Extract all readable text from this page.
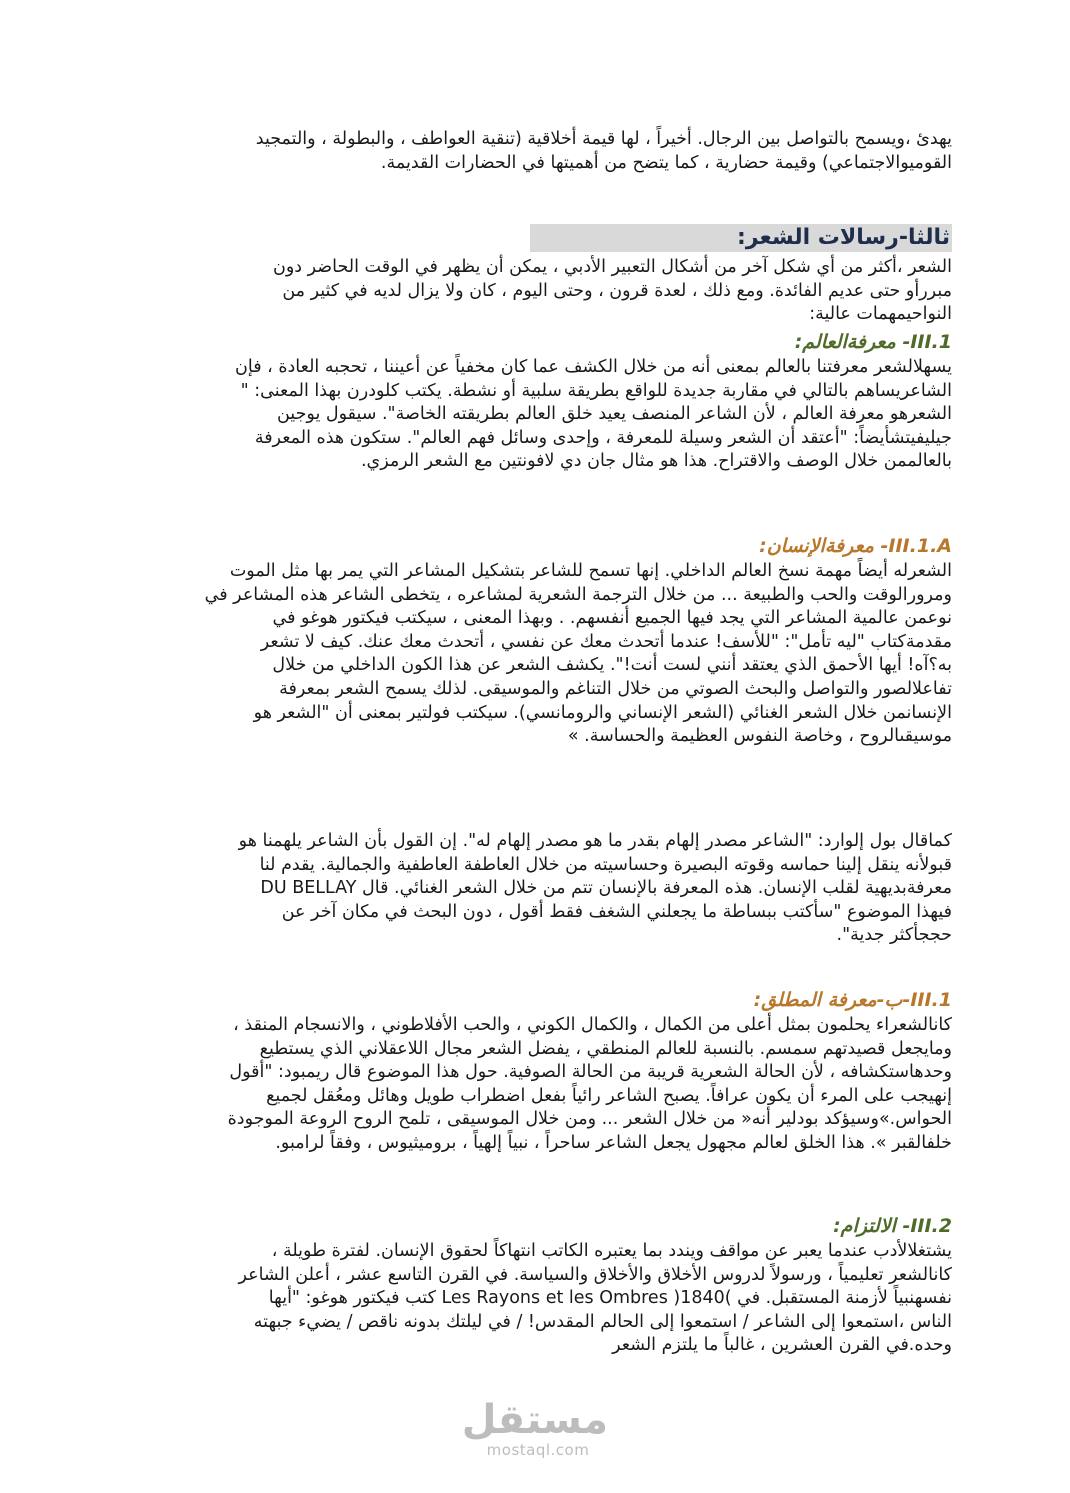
يهدئ ،ويسمح بالتواصل بين الرجال. أخيراً ، لها قيمة أخلاقية (تنقية العواطف ، والبطولة ، والتمجيد

القوميوالاجتماعي) وقيمة حضارية ، كما يتضح من أهميتها في الحضارات القديمة.

ثالثا-رسالات الشعر:

الشعر ،أكثر من أي شكل آخر من أشكال التعبير الأدبي ، يمكن أن يظهر في الوقت الحاضر دون

مبررأو حتى عديم الفائدة. ومع ذلك ، لعدة قرون ، وحتى اليوم ، كان ولا يزال لديه في كثير من

النواحيمهمات عالية:

III.1- معرفةالعالم:

يسهلالشعر معرفتنا بالعالم بمعنى أنه من خلال الكشف عما كان مخفياً عن أعيننا ، تحجبه العادة ، فإن

الشاعريساهم بالتالي في مقاربة جديدة للواقع بطريقة سلبية أو نشطة. يكتب كلودرن بهذا المعنى: "

الشعرهو معرفة العالم ، لأن الشاعر المنصف يعيد خلق العالم بطريقته الخاصة". سيقول يوجين

جيليفيتشأيضاً: "أعتقد أن الشعر وسيلة للمعرفة ، وإحدى وسائل فهم العالم". ستكون هذه المعرفة

بالعالممن خلال الوصف والاقتراح. هذا هو مثال جان دي لافونتين مع الشعر الرمزي.

III.1.A- معرفةالإنسان:

الشعرله أيضاً مهمة نسخ العالم الداخلي. إنها تسمح للشاعر بتشكيل المشاعر التي يمر بها مثل الموت

ومرورالوقت والحب والطبيعة ... من خلال الترجمة الشعرية لمشاعره ، يتخطى الشاعر هذه المشاعر في

نوعمن عالمية المشاعر التي يجد فيها الجميع أنفسهم. . وبهذا المعنى ، سيكتب فيكتور هوغو في

مقدمةكتاب "ليه تأمل": "للأسف! عندما أتحدث معك عن نفسي ، أتحدث معك عنك. كيف لا تشعر

به؟آه! أيها الأحمق الذي يعتقد أنني لست أنت!". يكشف الشعر عن هذا الكون الداخلي من خلال

تفاعلالصور والتواصل والبحث الصوتي من خلال التناغم والموسيقى. لذلك يسمح الشعر بمعرفة

الإنسانمن خلال الشعر الغنائي (الشعر الإنساني والرومانسي). سيكتب فولتير بمعنى أن "الشعر هو

موسيقىالروح ، وخاصة النفوس العظيمة والحساسة. »

كماقال بول إلوارد: "الشاعر مصدر إلهام بقدر ما هو مصدر إلهام له". إن القول بأن الشاعر يلهمنا هو

قبولأنه ينقل إلينا حماسه وقوته البصيرة وحساسيته من خلال العاطفة العاطفية والجمالية. يقدم لنا

معرفةبديهية لقلب الإنسان. هذه المعرفة بالإنسان تتم من خلال الشعر الغنائي. قال DU BELLAY

فيهذا الموضوع "سأكتب ببساطة ما يجعلني الشغف فقط أقول ، دون البحث في مكان آخر عن

حججأكثر جدية".

III.1-ب-معرفة المطلق:

كانالشعراء يحلمون بمثل أعلى من الكمال ، والكمال الكوني ، والحب الأفلاطوني ، والانسجام المنقذ ،

ومايجعل قصيدتهم سمسم. بالنسبة للعالم المنطقي ، يفضل الشعر مجال اللاعقلاني الذي يستطيع

وحدهاستكشافه ، لأن الحالة الشعرية قريبة من الحالة الصوفية. حول هذا الموضوع قال ريمبود: "أقول

إنهيجب على المرء أن يكون عرافاً. يصبح الشاعر رائياً بفعل اضطراب طويل وهائل ومعُقل لجميع

الحواس.»وسيؤكد بودلير أنه« من خلال الشعر ... ومن خلال الموسيقى ، تلمح الروح الروعة الموجودة

خلفالقبر ». هذا الخلق لعالم مجهول يجعل الشاعر ساحراً ، نبياً إلهياً ، بروميثيوس ، وفقاً لرامبو.

III.2- الالتزام:

يشتغلالأدب عندما يعبر عن مواقف ويندد بما يعتبره الكاتب انتهاكاً لحقوق الإنسان. لفترة طويلة ،

كانالشعر تعليمياً ، ورسولاً لدروس الأخلاق والأخلاق والسياسة. في القرن التاسع عشر ، أعلن الشاعر

نفسهنبياً لأزمنة المستقبل. في )1840( Les Rayons et les Ombres كتب فيكتور هوغو: "أيها

الناس ،استمعوا إلى الشاعر / استمعوا إلى الحالم المقدس! / في ليلتك بدونه ناقص / يضيء جبهته

وحده.في القرن العشرين ، غالباً ما يلتزم الشعر

مستقل
mostaql.com
